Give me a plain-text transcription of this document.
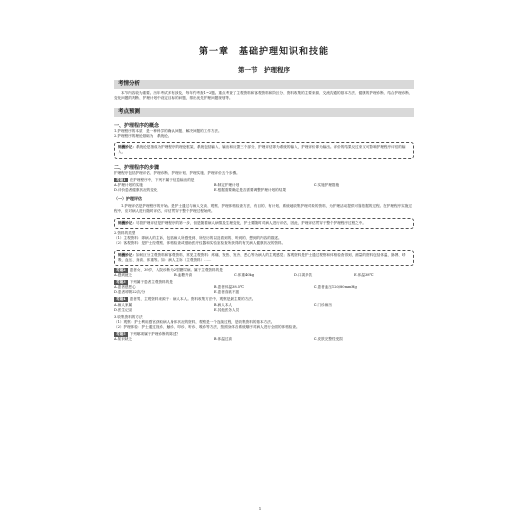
第一章　基础护理知识和技能
第一节　护理程序
考情分析
本节内容较为重要。历年考试多有涉及，每年约考查1~2题。重点考查了主观资料和客观资料和阶区分、资料收集的主要来源、交流沟通的基本方法、健康的护理诊断、结合护理诊断、变化问题的判断、护理计划中设定目标的问题，排出优先护理问题规划等。
考点预测
一、护理程序的概念
1.护理程序的本质　是一种科学的确认问题、解决问题的工作方法。
2.护理程序的理论基础为　系统论。
锦囊妙记：系统论是指成为护理程序的理论框架，系统包括输入、输出和反馈三个部分，护理评估即为系统的输入，护理评价即为输出。评价的结果反过来又可影响护理程序评估的输入。
二、护理程序的步骤
护理程序包括护理评估、护理诊断、护理计划、护理实施、护理评价五个步骤。
考题1 在护理程序中，下列不属于信息输出的是
A.护理计划的实施	B.制定护理计划	C.实施护理措施
D.评价患者健康状况的变化	E.根据需要确定是否需要调整护理计划的结果
（一）护理评估
1.护理评估是护理程序的开始。是护士通过与病人交谈、观察、护理体格检查方法，有目的、有计划、系统地收集护理对象的资料，为护理活动提供可靠依据的过程。在护理程序实施过程中，应对病人进行随时评估，评估贯穿于整个护理过程始终。
锦囊妙记：尽管护理评估是护理程序的第一步，但是随着病人病情及生理变化，护士要随时对病人进行评估，因此，护理评估贯穿于整个护理程序过程之中。
2.资料的类型
（1）主观资料：即病人的主诉，包括病人所感受到、所经历的以及看到的、听到的、想到的内容的描述。
（2）客观资料：是护士经观察、体格检查或借助医疗仪器和实验室检查所获得的有关病人健康状况的资料。
锦囊妙记：如何区分主观资料和客观资料，常见主观资料：疼痛、发热、发冷、恶心等为病人的主观感觉；客观资料是护士通过观察和体格检查得到，测量的资料包括体温、脉搏、呼吸、血压、身高、体重等。如：病人主诉（主观资料）……
考题2 患者女，39岁，入院诊断为2型糖尿病。属于主观资料的是
A.感到疲乏	B.血糖升高	C.体重40kg	D.口渴多饮	E.体温38℃
考题3 下列属于患者主观资料的是
A.患者感恶心	B.患者体温38.5℃	C.患者血压120/80mmHg
D.患者呼吸22次/分	E.患者食欲不振
考题4 患者男，主观资料来源于：病人本人。资料收集方法中，观察是最主要的方法。
A.病人家属	B.病人本人	C.门诊病历
D.医生记录	E.其他医务人员
3.收集资料的方法
（1）观察：护士利用感官获取病人身体状况的资料，观察是一个连续过程，是收集资料的基本方法。
（2）护理体检：护士通过视诊、触诊、叩诊、听诊、嗅诊等方法，按照身体各系统顺序对病人进行全面的体格检查。
考题5 下列哪项属于护理诊断的陈述？
A.知识缺乏	B.体温过高	C.皮肤完整性受损
1
